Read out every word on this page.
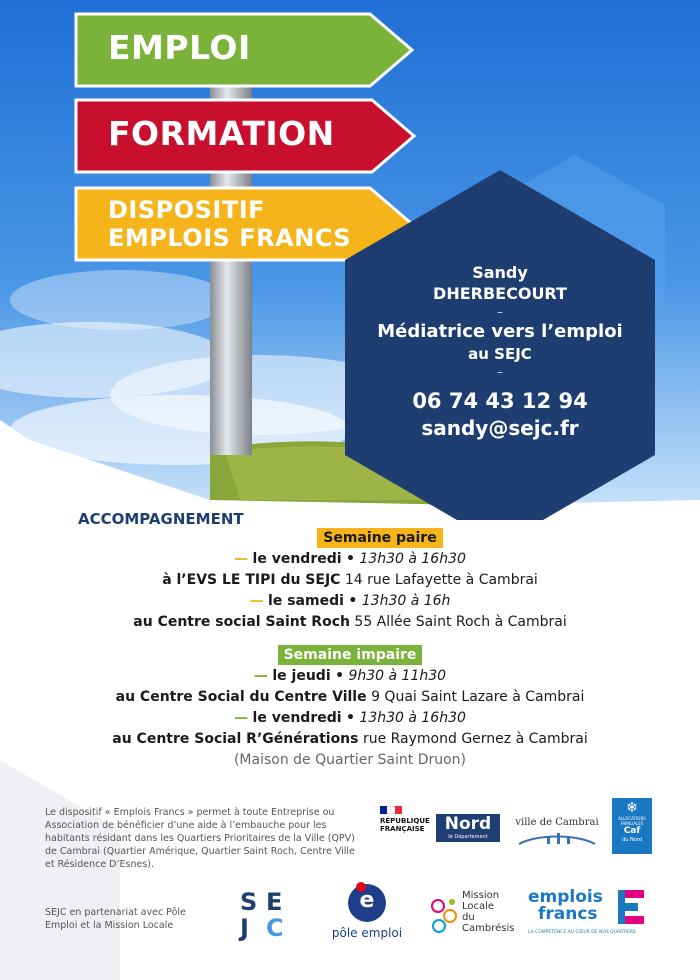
EMPLOI
FORMATION
DISPOSITIF
EMPLOIS FRANCS
Sandy
DHERBECOURT
–
Médiatrice vers l’emploi
au SEJC
–
06 74 43 12 94
sandy@sejc.fr
ACCOMPAGNEMENT
Semaine paire
— le vendredi • 13h30 à 16h30
à l’EVS LE TIPI du SEJC 14 rue Lafayette à Cambrai
— le samedi • 13h30 à 16h
au Centre social Saint Roch 55 Allée Saint Roch à Cambrai
Semaine impaire
— le jeudi • 9h30 à 11h30
au Centre Social du Centre Ville 9 Quai Saint Lazare à Cambrai
— le vendredi • 13h30 à 16h30
au Centre Social R’Générations rue Raymond Gernez à Cambrai
(Maison de Quartier Saint Druon)
Le dispositif « Emplois Francs » permet à toute Entreprise ou Association de bénéficier d’une aide à l’embauche pour les habitants résidant dans les Quartiers Prioritaires de la Ville (QPV) de Cambrai (Quartier Amérique, Quartier Saint Roch, Centre Ville et Résidence D’Esnes).
SEJC en partenariat avec Pôle Emploi et la Mission Locale
RÉPUBLIQUE
FRANÇAISE	Nord
le Département
ville de Cambrai
❄
ALLOCATIONS
FAMILIALES
Caf
du Nord
S E
J C
e
pôle emploi
Mission
Locale
du
Cambrésis
emplois
francs
LA COMPÉTENCE AU CŒUR DE NOS QUARTIERS
